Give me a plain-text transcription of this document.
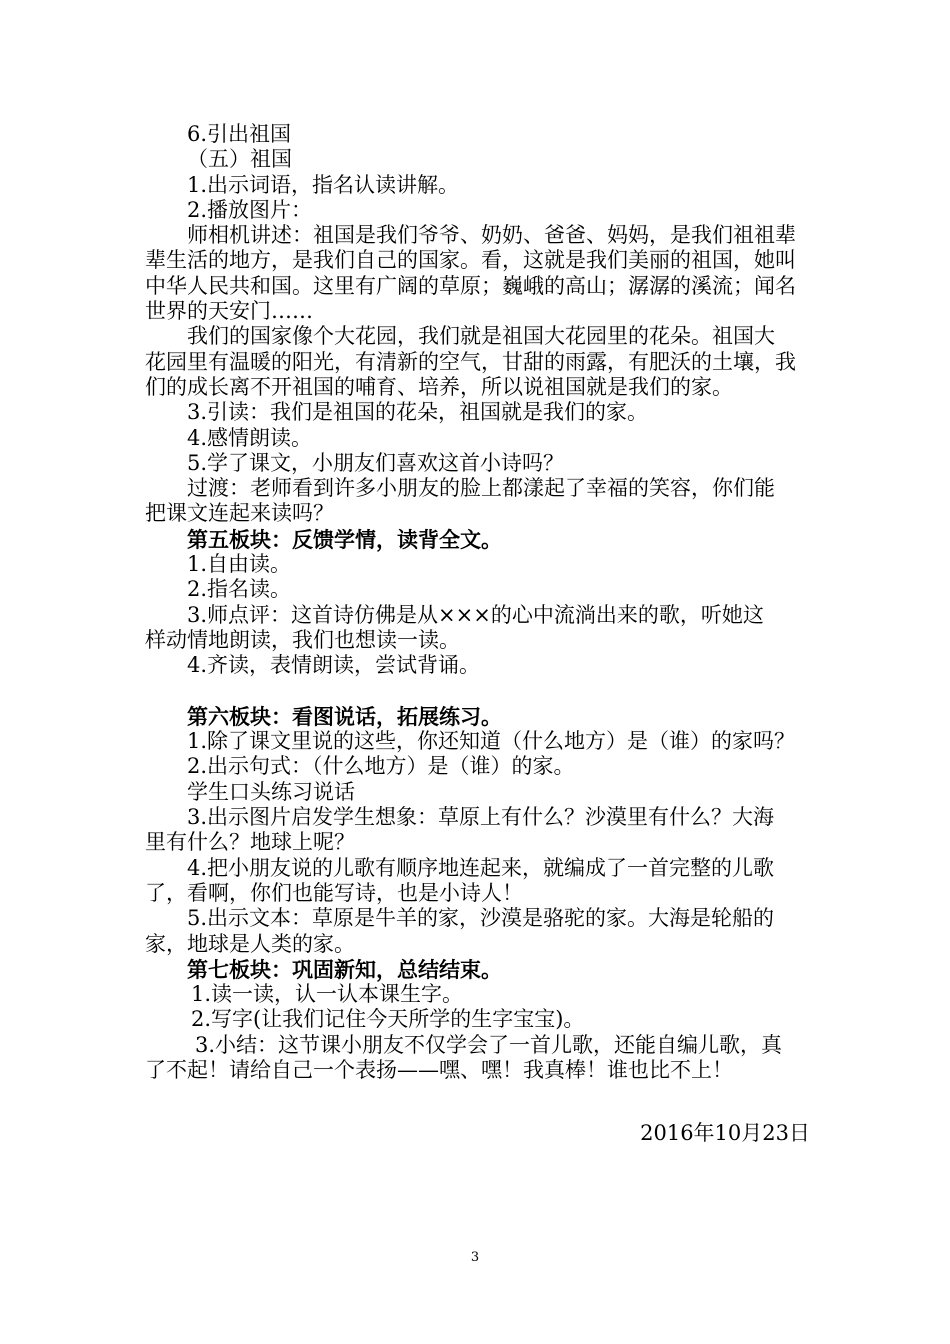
6.引出祖国
（五）祖国
1.出示词语，指名认读讲解。
2.播放图片：
师相机讲述：祖国是我们爷爷、奶奶、爸爸、妈妈，是我们祖祖辈
辈生活的地方，是我们自己的国家。看，这就是我们美丽的祖国，她叫
中华人民共和国。这里有广阔的草原；巍峨的高山；潺潺的溪流；闻名
世界的天安门……
我们的国家像个大花园，我们就是祖国大花园里的花朵。祖国大
花园里有温暖的阳光，有清新的空气，甘甜的雨露，有肥沃的土壤，我
们的成长离不开祖国的哺育、培养，所以说祖国就是我们的家。
3.引读：我们是祖国的花朵，祖国就是我们的家。
4.感情朗读。
5.学了课文，小朋友们喜欢这首小诗吗？
过渡：老师看到许多小朋友的脸上都漾起了幸福的笑容，你们能
把课文连起来读吗？
第五板块：反馈学情，读背全文。
1.自由读。
2.指名读。
3.师点评：这首诗仿佛是从×××的心中流淌出来的歌，听她这
样动情地朗读，我们也想读一读。
4.齐读，表情朗读，尝试背诵。
第六板块：看图说话，拓展练习。
1.除了课文里说的这些，你还知道（什么地方）是（谁）的家吗？
2.出示句式：（什么地方）是（谁）的家。
学生口头练习说话
3.出示图片启发学生想象：草原上有什么？沙漠里有什么？大海
里有什么？地球上呢？
4.把小朋友说的儿歌有顺序地连起来，就编成了一首完整的儿歌
了，看啊，你们也能写诗，也是小诗人！
5.出示文本：草原是牛羊的家，沙漠是骆驼的家。大海是轮船的
家，地球是人类的家。
第七板块：巩固新知，总结结束。
1.读一读，认一认本课生字。
2.写字(让我们记住今天所学的生字宝宝)。
3.小结：这节课小朋友不仅学会了一首儿歌，还能自编儿歌，真
了不起！请给自己一个表扬——嘿、嘿！我真棒！谁也比不上！
2016年10月23日
3
